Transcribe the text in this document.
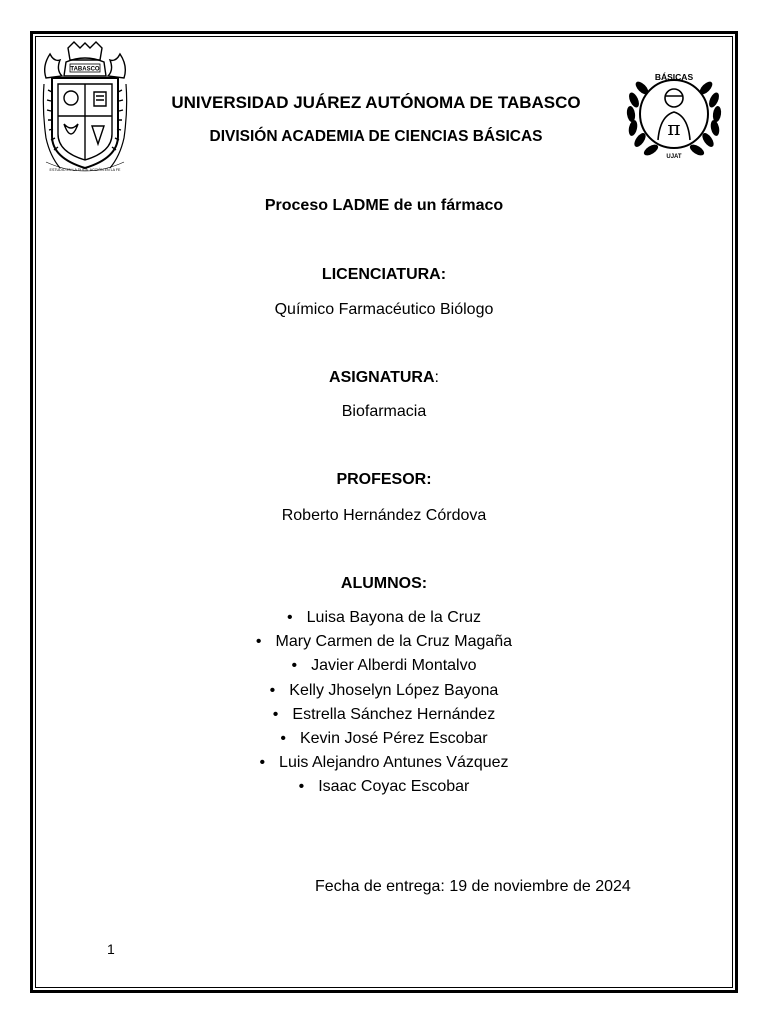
TABASCO
ESTUDIO EN LA DUDA. ACCIÓN EN LA FE
BÁSICAS
π
UJAT
UNIVERSIDAD JUÁREZ AUTÓNOMA DE TABASCO
DIVISIÓN ACADEMIA DE CIENCIAS BÁSICAS
Proceso LADME de un fármaco
LICENCIATURA:
Químico Farmacéutico Biólogo
ASIGNATURA:
Biofarmacia
PROFESOR:
Roberto Hernández Córdova
ALUMNOS:
• Luisa Bayona de la Cruz
• Mary Carmen de la Cruz Magaña
• Javier Alberdi Montalvo
• Kelly Jhoselyn López Bayona
• Estrella Sánchez Hernández
• Kevin José Pérez Escobar
• Luis Alejandro Antunes Vázquez
• Isaac Coyac Escobar
Fecha de entrega: 19 de noviembre de 2024
1
